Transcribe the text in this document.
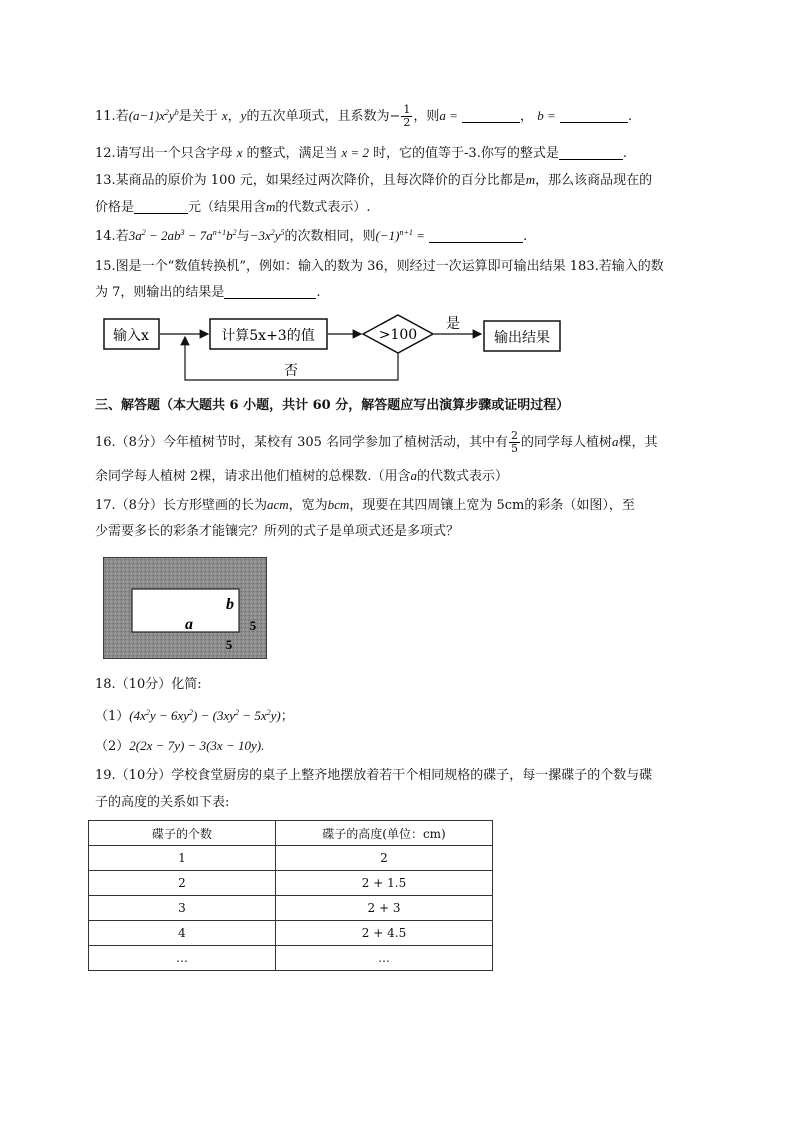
11.若$(a-1)x^2y^b$是关于 x，y的五次单项式，且系数为− $\frac{1}{2}$ ，则a =	， b =	.
12.请写出一个只含字母 x 的整式，满足当 x = 2 时，它的值等于-3.你写的整式是	.
13.某商品的原价为 100 元，如果经过两次降价，且每次降价的百分比都是m，那么该商品现在的
价格是	元（结果用含m的代数式表示）.
14.若$3a^2 - 2ab^3 - 7a^{n+1}b^2$与$-3x^2y^5$的次数相同，则$(-1)^{n+1}$ =	.
15.图是一个“数值转换机”，例如：输入的数为 36，则经过一次运算即可输出结果 183.若输入的数
为 7，则输出的结果是	.
输入x	计算5x+3的值	>100
是
输出结果
否
三、解答题（本大题共 6 小题，共计 60 分，解答题应写出演算步骤或证明过程）
16.（8分）今年植树节时，某校有 305 名同学参加了植树活动，其中有 $\frac{2}{5}$ 的同学每人植树a棵，其
余同学每人植树 2棵，请求出他们植树的总棵数.（用含a的代数式表示）
17.（8分）长方形壁画的长为acm，宽为bcm，现要在其四周镶上宽为 5cm的彩条（如图），至
少需要多长的彩条才能镶完？所列的式子是单项式还是多项式？
a
b
5
5
18.（10分）化简:
$(1)(4x^2y - 6xy^2) - (3xy^2 - 5x^2y)$；
（2）2(2x − 7y) − 3(3x − 10y).
19.（10分）学校食堂厨房的桌子上整齐地摆放着若干个相同规格的碟子，每一摞碟子的个数与碟
子的高度的关系如下表:
碟子的个数	碟子的高度(单位：cm)
1	2
2	2 + 1.5
3	2 + 3
4	2 + 4.5
…	…
